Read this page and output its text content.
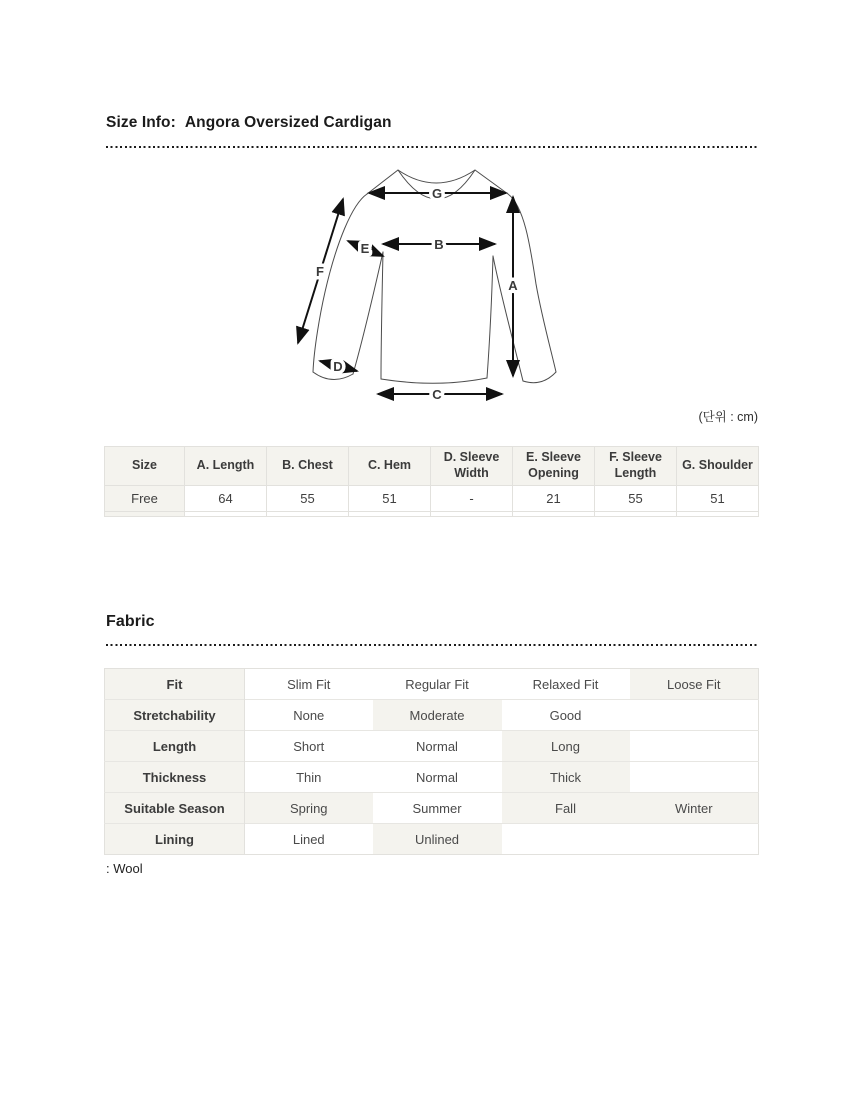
Size Info: Angora Oversized Cardigan
G
B
A
C
F
E
D
(단위 : cm)
Size	A. Length	B. Chest	C. Hem	D. Sleeve Width	E. Sleeve Opening	F. Sleeve Length	G. Shoulder
Free	64	55	51	-	21	55	51

Fabric
Fit	Slim Fit	Regular Fit	Relaxed Fit	Loose Fit
Stretchability	None	Moderate	Good	
Length	Short	Normal	Long	
Thickness	Thin	Normal	Thick	
Suitable Season	Spring	Summer	Fall	Winter
Lining	Lined	Unlined		
: Wool
